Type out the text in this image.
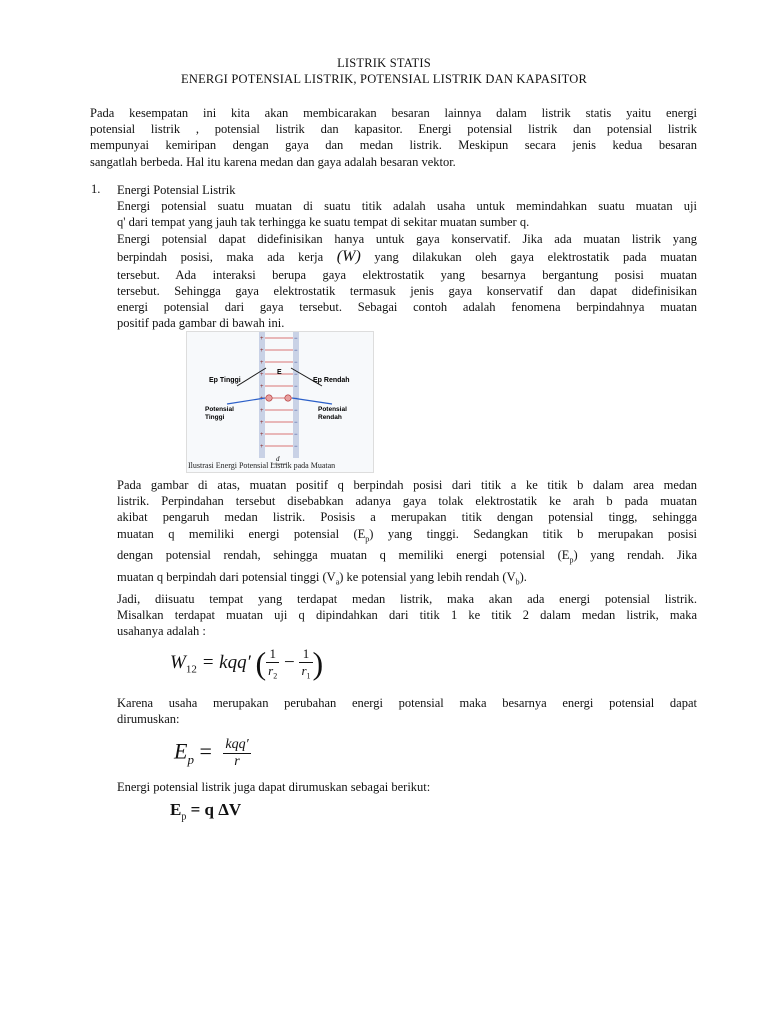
LISTRIK STATIS
ENERGI POTENSIAL LISTRIK, POTENSIAL LISTRIK DAN KAPASITOR
Pada kesempatan ini kita akan membicarakan besaran lainnya dalam listrik statis yaitu energi
potensial listrik , potensial listrik dan kapasitor. Energi potensial listrik dan potensial listrik
mempunyai kemiripan dengan gaya dan medan listrik. Meskipun secara jenis kedua besaran
sangatlah berbeda. Hal itu karena medan dan gaya adalah besaran vektor.
1. Energi Potensial Listrik
Energi potensial suatu muatan di suatu titik adalah usaha untuk memindahkan suatu muatan uji
q' dari tempat yang jauh tak terhingga ke suatu tempat di sekitar muatan sumber q.
Energi potensial dapat didefinisikan hanya untuk gaya konservatif. Jika ada muatan listrik yang
berpindah posisi, maka ada kerja (W) yang dilakukan oleh gaya elektrostatik pada muatan
tersebut. Ada interaksi berupa gaya elektrostatik yang besarnya bergantung posisi muatan
tersebut. Sehingga gaya elektrostatik termasuk jenis gaya konservatif dan dapat didefinisikan
energi potensial dari gaya tersebut. Sebagai contoh adalah fenomena berpindahnya muatan
positif pada gambar di bawah ini.
+
+
+
+
+
+
+
+
+
+
−
−
−
−
−
−
−
−
−
−
d
E
Ep Tinggi	Ep Rendah
Potensial
Tinggi
Potensial
Rendah
Ilustrasi Energi Potensial Listrik pada Muatan
Pada gambar di atas, muatan positif q berpindah posisi dari titik a ke titik b dalam area medan
listrik. Perpindahan tersebut disebabkan adanya gaya tolak elektrostatik ke arah b pada muatan
akibat pengaruh medan listrik. Posisis a merupakan titik dengan potensial tingg, sehingga
muatan q memiliki energi potensial $(E_p)$ yang tinggi. Sedangkan titik b merupakan posisi
dengan potensial rendah, sehingga muatan q memiliki energi potensial $(E_p)$ yang rendah. Jika
muatan q berpindah dari potensial tinggi $(V_a)$ ke potensial yang lebih rendah $(V_b)$.
Jadi, diisuatu tempat yang terdapat medan listrik, maka akan ada energi potensial listrik.
Misalkan terdapat muatan uji q dipindahkan dari titik 1 ke titik 2 dalam medan listrik, maka
usahanya adalah :
$W_{12} = kqq'$ ( $\frac{1}{r_2} - \frac{1}{r_1}$ )
Karena usaha merupakan perubahan energi potensial maka besarnya energi potensial dapat
dirumuskan:
$E_p = \frac{\text{kqq′}}{r}$
Energi potensial listrik juga dapat dirumuskan sebagai berikut:
$E_p = q$ ΔV
